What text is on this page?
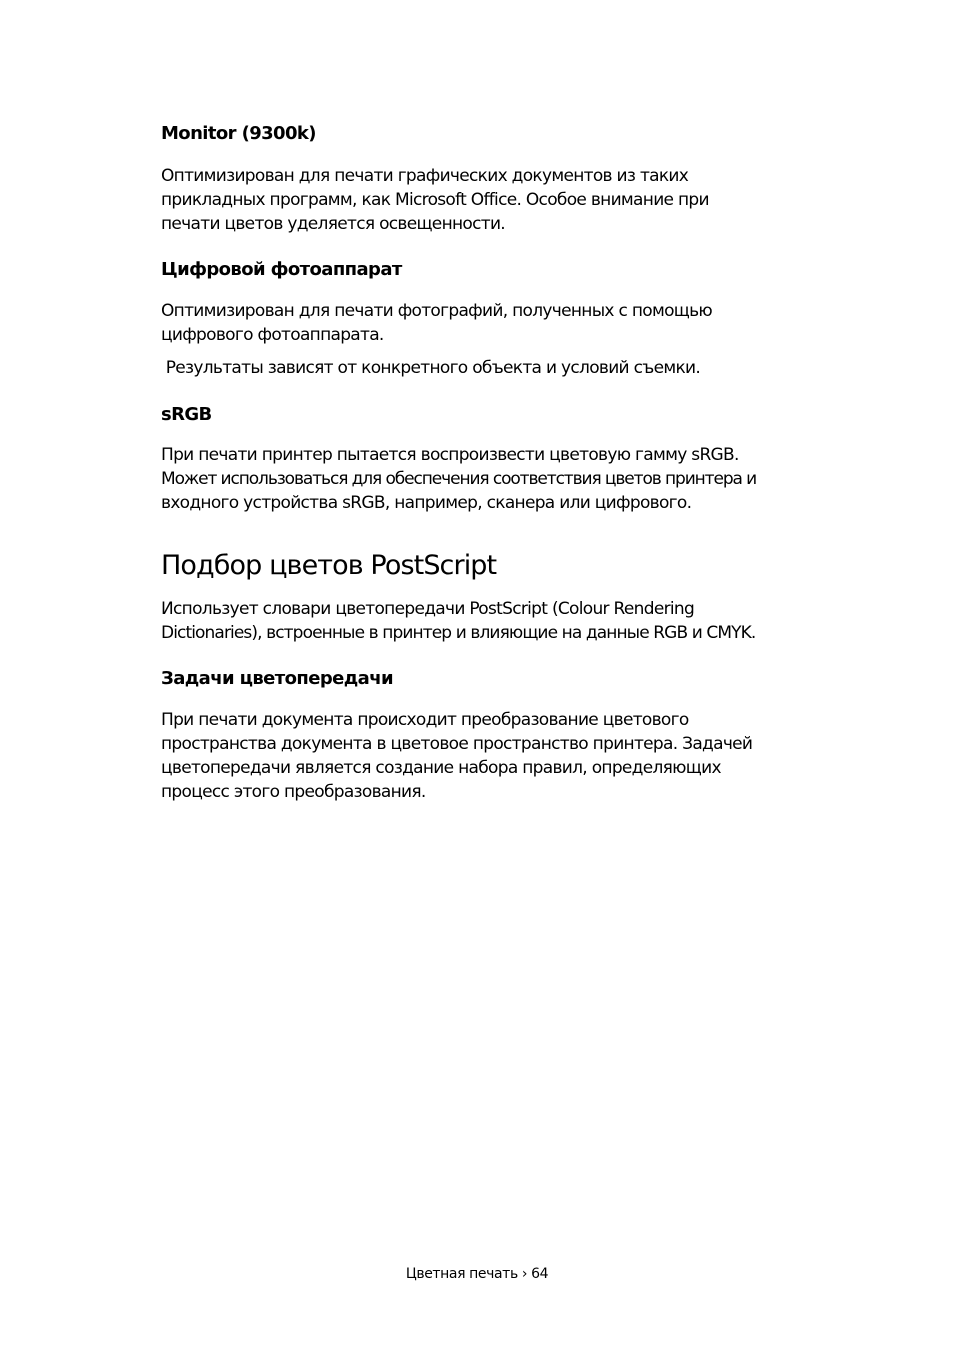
Monitor (9300k)

Оптимизирован для печати графических документов из таких
прикладных программ, как Microsoft Office. Особое внимание при
печати цветов уделяется освещенности.

Цифровой фотоаппарат

Оптимизирован для печати фотографий, полученных с помощью
цифрового фотоаппарата.

Результаты зависят от конкретного объекта и условий съемки.

sRGB

При печати принтер пытается воспроизвести цветовую гамму sRGB.
Может использоваться для обеспечения соответствия цветов принтера и
входного устройства sRGB, например, сканера или цифрового.

Подбор цветов PostScript

Использует словари цветопередачи PostScript (Colour Rendering
Dictionaries), встроенные в принтер и влияющие на данные RGB и CMYK.

Задачи цветопередачи

При печати документа происходит преобразование цветового
пространства документа в цветовое пространство принтера. Задачей
цветопередачи является создание набора правил, определяющих
процесс этого преобразования.

Цветная печать › 64
